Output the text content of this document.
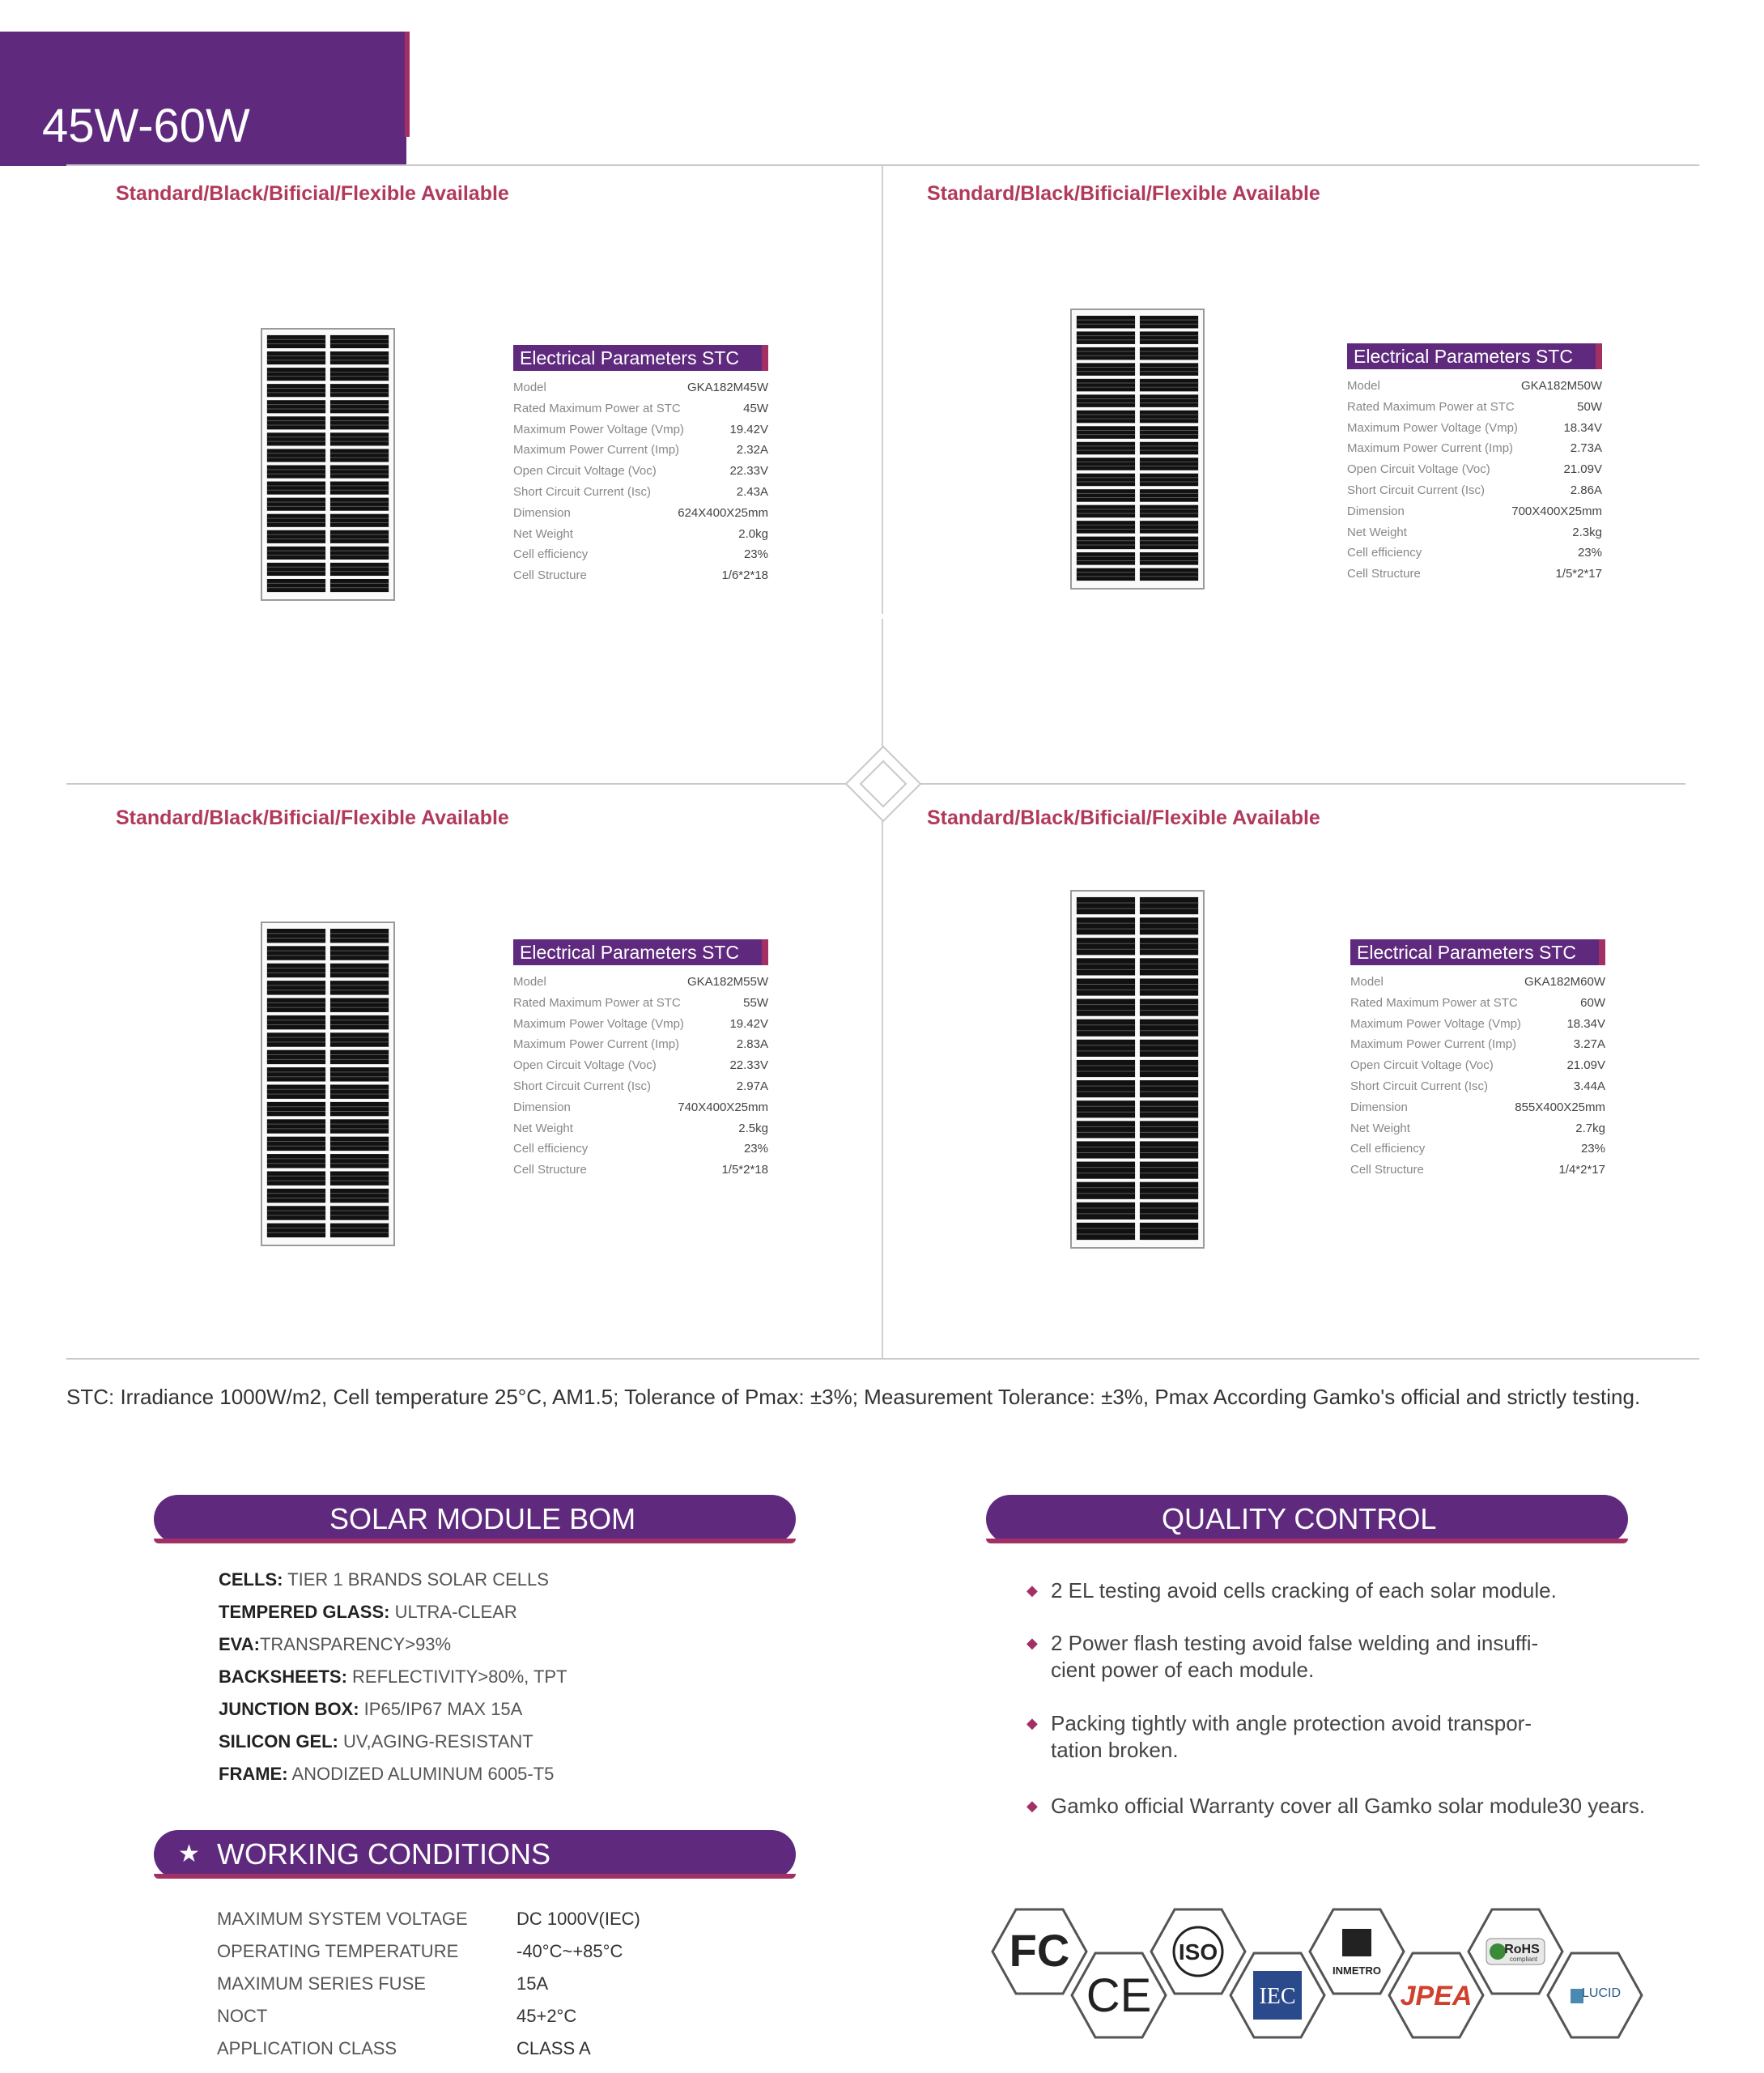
45W-60W
Standard/Black/Bificial/Flexible Available
Electrical Parameters STC
Model	GKA182M45W
Rated Maximum Power at STC	45W
Maximum Power Voltage (Vmp)	19.42V
Maximum Power Current (Imp)	2.32A
Open Circuit Voltage (Voc)	22.33V
Short Circuit Current (Isc)	2.43A
Dimension	624X400X25mm
Net Weight	2.0kg
Cell efficiency	23%
Cell Structure	1/6*2*18
Standard/Black/Bificial/Flexible Available
Electrical Parameters STC
Model	GKA182M50W
Rated Maximum Power at STC	50W
Maximum Power Voltage (Vmp)	18.34V
Maximum Power Current (Imp)	2.73A
Open Circuit Voltage (Voc)	21.09V
Short Circuit Current (Isc)	2.86A
Dimension	700X400X25mm
Net Weight	2.3kg
Cell efficiency	23%
Cell Structure	1/5*2*17
Standard/Black/Bificial/Flexible Available
Electrical Parameters STC
Model	GKA182M55W
Rated Maximum Power at STC	55W
Maximum Power Voltage (Vmp)	19.42V
Maximum Power Current (Imp)	2.83A
Open Circuit Voltage (Voc)	22.33V
Short Circuit Current (Isc)	2.97A
Dimension	740X400X25mm
Net Weight	2.5kg
Cell efficiency	23%
Cell Structure	1/5*2*18
Standard/Black/Bificial/Flexible Available
Electrical Parameters STC
Model	GKA182M60W
Rated Maximum Power at STC	60W
Maximum Power Voltage (Vmp)	18.34V
Maximum Power Current (Imp)	3.27A
Open Circuit Voltage (Voc)	21.09V
Short Circuit Current (Isc)	3.44A
Dimension	855X400X25mm
Net Weight	2.7kg
Cell efficiency	23%
Cell Structure	1/4*2*17
STC: Irradiance 1000W/m2, Cell temperature 25°C, AM1.5; Tolerance of Pmax: ±3%; Measurement Tolerance: ±3%, Pmax According Gamko's official and strictly testing.
SOLAR MODULE BOM
CELLS: TIER 1 BRANDS SOLAR CELLS
TEMPERED GLASS: ULTRA-CLEAR
EVA:TRANSPARENCY>93%
BACKSHEETS: REFLECTIVITY>80%, TPT
JUNCTION BOX: IP65/IP67 MAX 15A
SILICON GEL: UV,AGING-RESISTANT
FRAME: ANODIZED ALUMINUM 6005-T5
QUALITY CONTROL
◆ 2 EL testing avoid cells cracking of each solar module.
◆ 2 Power flash testing avoid false welding and insuffi-cient power of each module.
◆ Packing tightly with angle protection avoid transpor-tation broken.
◆ Gamko official Warranty cover all Gamko solar module30 years.
★ WORKING CONDITIONS
MAXIMUM SYSTEM VOLTAGE	DC 1000V(IEC)
OPERATING TEMPERATURE	-40°C~+85°C
MAXIMUM SERIES FUSE	15A
NOCT	45+2°C
APPLICATION CLASS	CLASS A
FC
CE
ISO
IEC
INMETRO
JPEA
RoHS
compliant
LUCID
